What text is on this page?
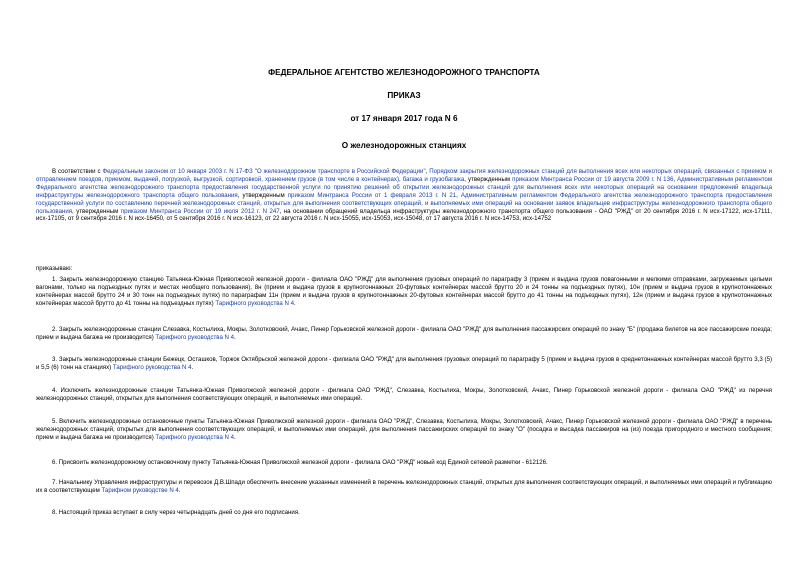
ФЕДЕРАЛЬНОЕ АГЕНТСТВО ЖЕЛЕЗНОДОРОЖНОГО ТРАНСПОРТА
ПРИКАЗ
от 17 января 2017 года N 6
О железнодорожных станциях
В соответствии с Федеральным законом от 10 января 2003 г. N 17-ФЗ "О железнодорожном транспорте в Российской Федерации", Порядком закрытия железнодорожных станций для выполнения всех или некоторых операций, связанных с приемом и отправлением поездов, приемом, выдачей, погрузкой, выгрузкой, сортировкой, хранением грузов (в том числе в контейнерах), багажа и грузобагажа, утвержденным приказом Минтранса России от 19 августа 2009 г. N 136, Административным регламентом Федерального агентства железнодорожного транспорта предоставления государственной услуги по принятию решений об открытии железнодорожных станций для выполнения всех или некоторых операций на основании предложений владельца инфраструктуры железнодорожного транспорта общего пользования, утвержденным приказом Минтранса России от 1 февраля 2013 г. N 21, Административным регламентом Федерального агентства железнодорожного транспорта предоставления государственной услуги по составлению перечней железнодорожных станций, открытых для выполнения соответствующих операций, и выполняемых ими операций на основании заявок владельцев инфраструктуры железнодорожного транспорта общего пользования, утвержденным приказом Минтранса России от 19 июля 2012 г. N 247, на основании обращений владельца инфраструктуры железнодорожного транспорта общего пользования - ОАО "РЖД" от 20 сентября 2016 г. N исх-17122, исх-17111, исх-17105, от 9 сентября 2016 г. N исх-16450, от 5 сентября 2016 г. N исх-16123, от 22 августа 2016 г. N исх-15055, исх-15053, исх-15048, от 17 августа 2016 г. N исх-14753, исх-14752
приказываю:
1. Закрыть железнодорожную станцию Татьянка-Южная Приволжской железной дороги - филиала ОАО "РЖД" для выполнения грузовых операций по параграфу 3 (прием и выдача грузов повагонными и мелкими отправками, загружаемых целыми вагонами, только на подъездных путях и местах необщего пользования), 8н (прием и выдача грузов в крупнотоннажных 20-футовых контейнерах массой брутто 20 и 24 тонны на подъездных путях), 10н (прием и выдача грузов в крупнотоннажных контейнерах массой брутто 24 и 30 тонн на подъездных путях) по параграфам 11н (прием и выдача грузов в крупнотоннажных 20-футовых контейнерах массой брутто до 41 тонны на подъездных путях), 12н (прием и выдача грузов в крупнотоннажных контейнерах массой брутто до 41 тонны на подъездных путях) Тарифного руководства N 4.
2. Закрыть железнодорожные станции Слезавка, Костылиха, Мокры, Золотковский, Ачакс, Пинер Горьковской железной дороги - филиала ОАО "РЖД" для выполнения пассажирских операций по знаку "Б" (продажа билетов на все пассажирские поезда; прием и выдача багажа не производится) Тарифного руководства N 4.
3. Закрыть железнодорожные станции Бежецк, Осташков, Торжок Октябрьской железной дороги - филиала ОАО "РЖД" для выполнения грузовых операций по параграфу 5 (прием и выдача грузов в среднетоннажных контейнерах массой брутто 3,3 (5) и 5,5 (6) тонн на станциях) Тарифного руководства N 4.
4. Исключить железнодорожные станции Татьянка-Южная Приволжской железной дороги - филиала ОАО "РЖД", Слезавка, Костылиха, Мокры, Золотковский, Ачакс, Пинер Горьковской железной дороги - филиала ОАО "РЖД" из перечня железнодорожных станций, открытых для выполнения соответствующих операций, и выполняемых ими операций.
5. Включить железнодорожные остановочные пункты Татьянка-Южная Приволжской железной дороги - филиала ОАО "РЖД", Слезавка, Костылиха, Мокры, Золотковский, Ачакс, Пинер Горьковской железной дороги - филиала ОАО "РЖД" в перечень железнодорожных станций, открытых для выполнения соответствующих операций, и выполняемых ими операций, для выполнения пассажирских операций по знаку "О" (посадка и высадка пассажиров на (из) поезда пригородного и местного сообщения; прием и выдача багажа не производится) Тарифного руководства N 4.
6. Присвоить железнодорожному остановочному пункту Татьянка-Южная Приволжской железной дороги - филиала ОАО "РЖД" новый код Единой сетевой разметки - 612126.
7. Начальнику Управления инфраструктуры и перевозок Д.В.Шпади обеспечить внесение указанных изменений в перечень железнодорожных станций, открытых для выполнения соответствующих операций, и выполняемых ими операций и публикацию их в соответствующем Тарифном руководстве N 4.
8. Настоящий приказ вступает в силу через четырнадцать дней со дня его подписания.
